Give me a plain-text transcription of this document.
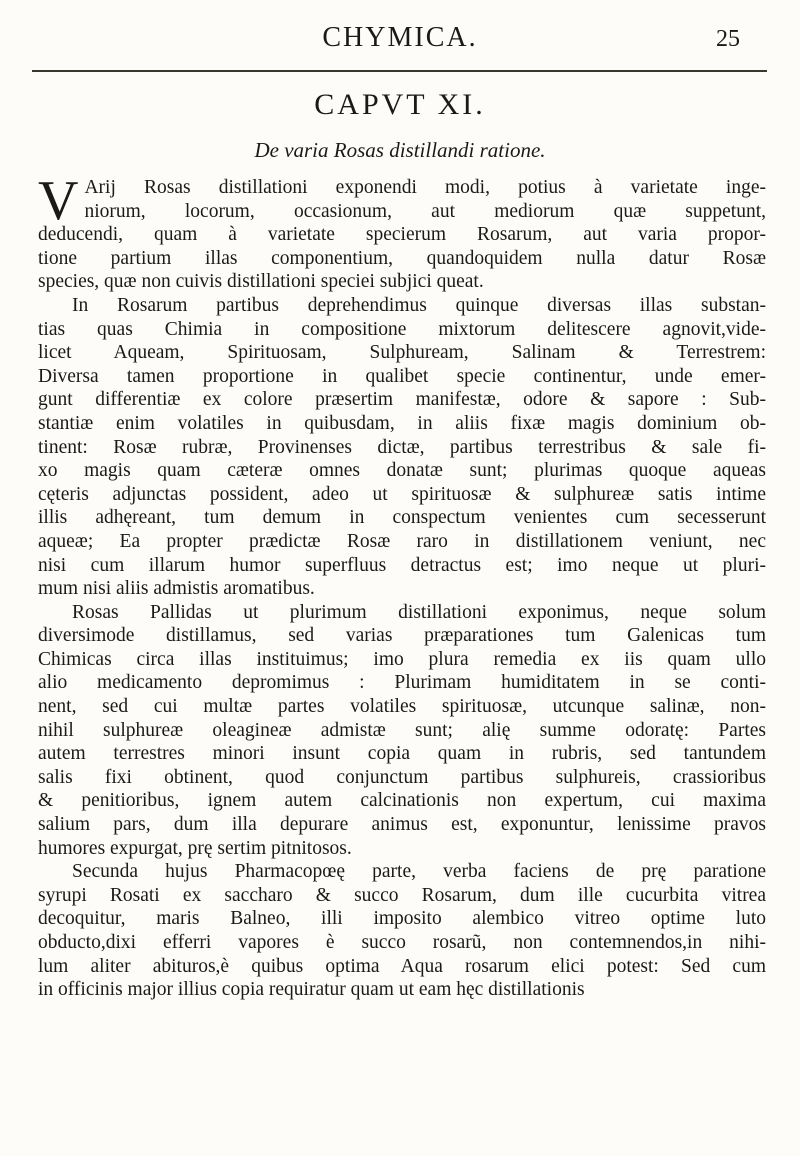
CHYMICA.	25
CAPVT XI.
De varia Rosas distillandi ratione.

V Arij Rosas distillationi exponendi modi, potius à varietate inge-

niorum, locorum, occasionum, aut mediorum quæ suppetunt,

deducendi, quam à varietate specierum Rosarum, aut varia propor-

tione partium illas componentium, quandoquidem nulla datur Rosæ

species, quæ non cuivis distillationi speciei subjici queat.

In Rosarum partibus deprehendimus quinque diversas illas substan-

tias quas Chimia in compositione mixtorum delitescere agnovit,vide-

licet Aqueam, Spirituosam, Sulphuream, Salinam & Terrestrem:

Diversa tamen proportione in qualibet specie continentur, unde emer-

gunt differentiæ ex colore præsertim manifestæ, odore & sapore : Sub-

stantiæ enim volatiles in quibusdam, in aliis fixæ magis dominium ob-

tinent: Rosæ rubræ, Provinenses dictæ, partibus terrestribus & sale fi-

xo magis quam cæteræ omnes donatæ sunt; plurimas quoque aqueas

cęteris adjunctas possident, adeo ut spirituosæ & sulphureæ satis intime

illis adhęreant, tum demum in conspectum venientes cum secesserunt

aqueæ; Ea propter prædictæ Rosæ raro in distillationem veniunt, nec

nisi cum illarum humor superfluus detractus est; imo neque ut pluri-

mum nisi aliis admistis aromatibus.

Rosas Pallidas ut plurimum distillationi exponimus, neque solum

diversimode distillamus, sed varias præparationes tum Galenicas tum

Chimicas circa illas instituimus; imo plura remedia ex iis quam ullo

alio medicamento depromimus : Plurimam humiditatem in se conti-

nent, sed cui multæ partes volatiles spirituosæ, utcunque salinæ, non-

nihil sulphureæ oleagineæ admistæ sunt; alię summe odoratę: Partes

autem terrestres minori insunt copia quam in rubris, sed tantundem

salis fixi obtinent, quod conjunctum partibus sulphureis, crassioribus

& penitioribus, ignem autem calcinationis non expertum, cui maxima

salium pars, dum illa depurare animus est, exponuntur, lenissime pravos

humores expurgat, prę sertim pitnitosos.

Secunda hujus Pharmacopœę parte, verba faciens de prę paratione

syrupi Rosati ex saccharo & succo Rosarum, dum ille cucurbita vitrea

decoquitur, maris Balneo, illi imposito alembico vitreo optime luto

obducto,dixi efferri vapores è succo rosarũ, non contemnendos,in nihi-

lum aliter abituros,è quibus optima Aqua rosarum elici potest: Sed cum

in officinis major illius copia requiratur quam ut eam hęc distillationis
